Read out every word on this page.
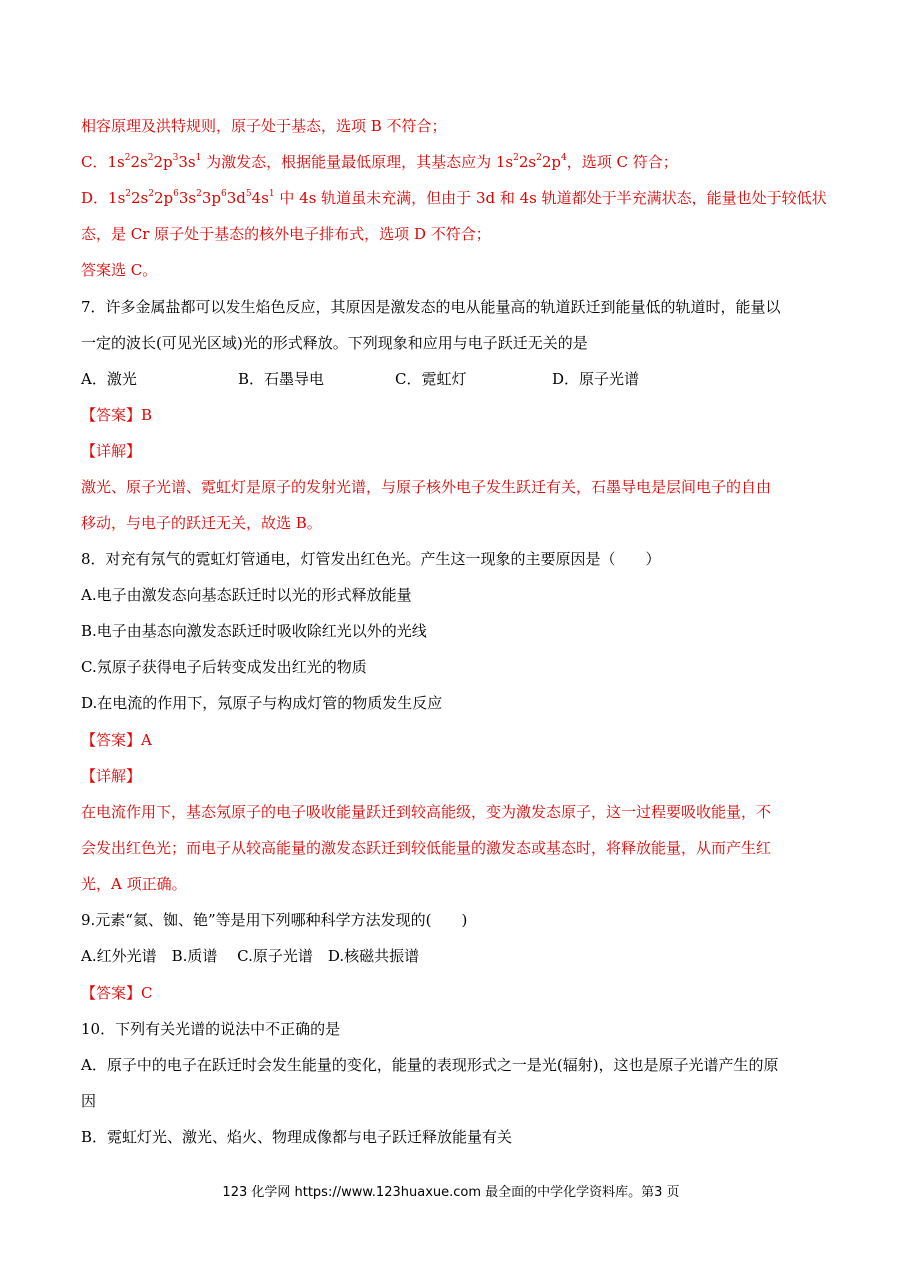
相容原理及洪特规则，原子处于基态，选项 B 不符合；
C．$1s^22s^22p^33s^1$ 为激发态，根据能量最低原理，其基态应为 $1s^22s^22p^4$，选项 C 符合；
D．$1s^22s^22p^63s^23p^63d^54s^1$ 中 4s 轨道虽未充满，但由于 3d 和 4s 轨道都处于半充满状态，能量也处于较低状
态，是 Cr 原子处于基态的核外电子排布式，选项 D 不符合；
答案选 C。
7．许多金属盐都可以发生焰色反应，其原因是激发态的电从能量高的轨道跃迁到能量低的轨道时，能量以
一定的波长(可见光区域)光的形式释放。下列现象和应用与电子跃迁无关的是
A．激光	B．石墨导电	C．霓虹灯	D．原子光谱
【答案】B
【详解】
激光、原子光谱、霓虹灯是原子的发射光谱，与原子核外电子发生跃迁有关，石墨导电是层间电子的自由
移动，与电子的跃迁无关，故选 B。
8．对充有氖气的霓虹灯管通电，灯管发出红色光。产生这一现象的主要原因是（　　）
A.电子由激发态向基态跃迁时以光的形式释放能量
B.电子由基态向激发态跃迁时吸收除红光以外的光线
C.氖原子获得电子后转变成发出红光的物质
D.在电流的作用下，氖原子与构成灯管的物质发生反应
【答案】A
【详解】
在电流作用下，基态氖原子的电子吸收能量跃迁到较高能级，变为激发态原子，这一过程要吸收能量，不
会发出红色光；而电子从较高能量的激发态跃迁到较低能量的激发态或基态时，将释放能量，从而产生红
光，A 项正确。
9.元素“氦、铷、铯”等是用下列哪种科学方法发现的(　　)
A.红外光谱　B.质谱　 C.原子光谱　D.核磁共振谱
【答案】C
10．下列有关光谱的说法中不正确的是
A．原子中的电子在跃迁时会发生能量的变化，能量的表现形式之一是光(辐射)，这也是原子光谱产生的原
因
B．霓虹灯光、激光、焰火、物理成像都与电子跃迁释放能量有关
123 化学网 https://www.123huaxue.com 最全面的中学化学资料库。第3 页
